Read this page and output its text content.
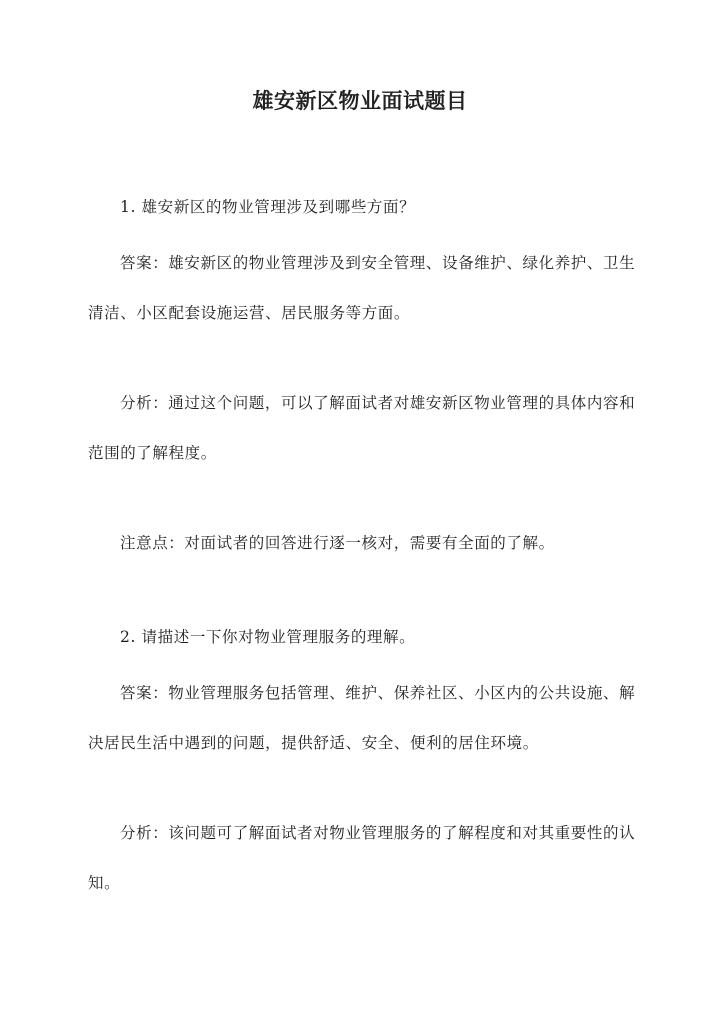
雄安新区物业面试题目

1. 雄安新区的物业管理涉及到哪些方面？

答案：雄安新区的物业管理涉及到安全管理、设备维护、绿化养护、卫生清洁、小区配套设施运营、居民服务等方面。

分析：通过这个问题，可以了解面试者对雄安新区物业管理的具体内容和范围的了解程度。

注意点：对面试者的回答进行逐一核对，需要有全面的了解。

2. 请描述一下你对物业管理服务的理解。

答案：物业管理服务包括管理、维护、保养社区、小区内的公共设施、解决居民生活中遇到的问题，提供舒适、安全、便利的居住环境。

分析：该问题可了解面试者对物业管理服务的了解程度和对其重要性的认知。
